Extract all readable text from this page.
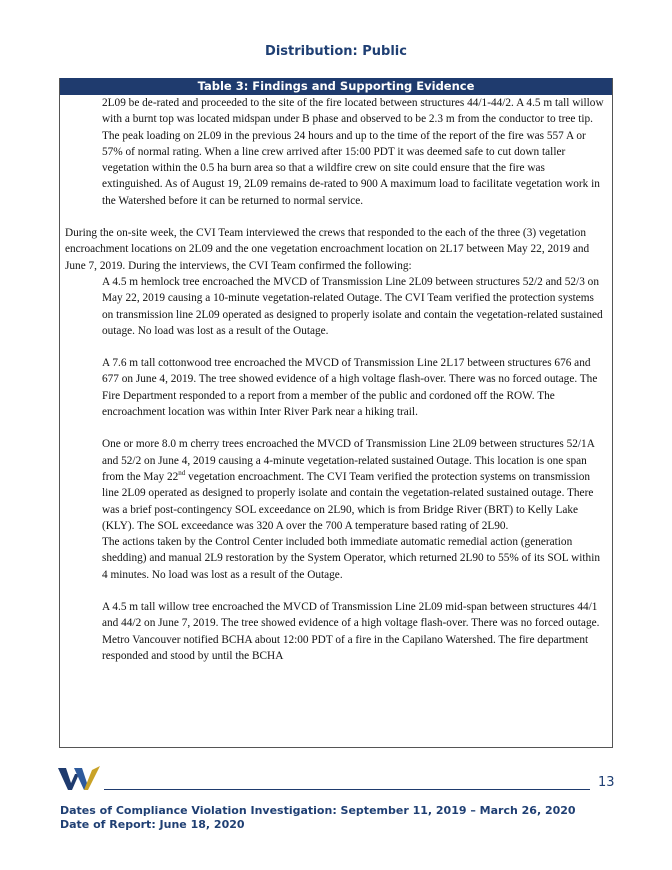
Distribution: Public
Table 3: Findings and Supporting Evidence

2L09 be de-rated and proceeded to the site of the fire located between structures 44/1-44/2. A 4.5 m tall willow with a burnt top was located midspan under B phase and observed to be 2.3 m from the conductor to tree tip. The peak loading on 2L09 in the previous 24 hours and up to the time of the report of the fire was 557 A or 57% of normal rating. When a line crew arrived after 15:00 PDT it was deemed safe to cut down taller vegetation within the 0.5 ha burn area so that a wildfire crew on site could ensure that the fire was extinguished. As of August 19, 2L09 remains de-rated to 900 A maximum load to facilitate vegetation work in the Watershed before it can be returned to normal service.

During the on-site week, the CVI Team interviewed the crews that responded to the each of the three (3) vegetation encroachment locations on 2L09 and the one vegetation encroachment location on 2L17 between May 22, 2019 and June 7, 2019. During the interviews, the CVI Team confirmed the following:

A 4.5 m hemlock tree encroached the MVCD of Transmission Line 2L09 between structures 52/2 and 52/3 on May 22, 2019 causing a 10-minute vegetation-related Outage. The CVI Team verified the protection systems on transmission line 2L09 operated as designed to properly isolate and contain the vegetation-related sustained outage. No load was lost as a result of the Outage.

A 7.6 m tall cottonwood tree encroached the MVCD of Transmission Line 2L17 between structures 676 and 677 on June 4, 2019. The tree showed evidence of a high voltage flash-over. There was no forced outage. The Fire Department responded to a report from a member of the public and cordoned off the ROW. The encroachment location was within Inter River Park near a hiking trail.

One or more 8.0 m cherry trees encroached the MVCD of Transmission Line 2L09 between structures 52/1A and 52/2 on June 4, 2019 causing a 4-minute vegetation-related sustained Outage. This location is one span from the May 22nd vegetation encroachment. The CVI Team verified the protection systems on transmission line 2L09 operated as designed to properly isolate and contain the vegetation-related sustained outage. There was a brief post-contingency SOL exceedance on 2L90, which is from Bridge River (BRT) to Kelly Lake (KLY). The SOL exceedance was 320 A over the 700 A temperature based rating of 2L90.

The actions taken by the Control Center included both immediate automatic remedial action (generation shedding) and manual 2L9 restoration by the System Operator, which returned 2L90 to 55% of its SOL within 4 minutes. No load was lost as a result of the Outage.

A 4.5 m tall willow tree encroached the MVCD of Transmission Line 2L09 mid-span between structures 44/1 and 44/2 on June 7, 2019. The tree showed evidence of a high voltage flash-over. There was no forced outage. Metro Vancouver notified BCHA about 12:00 PDT of a fire in the Capilano Watershed. The fire department responded and stood by until the BCHA

13
Dates of Compliance Violation Investigation: September 11, 2019 – March 26, 2020
Date of Report: June 18, 2020
